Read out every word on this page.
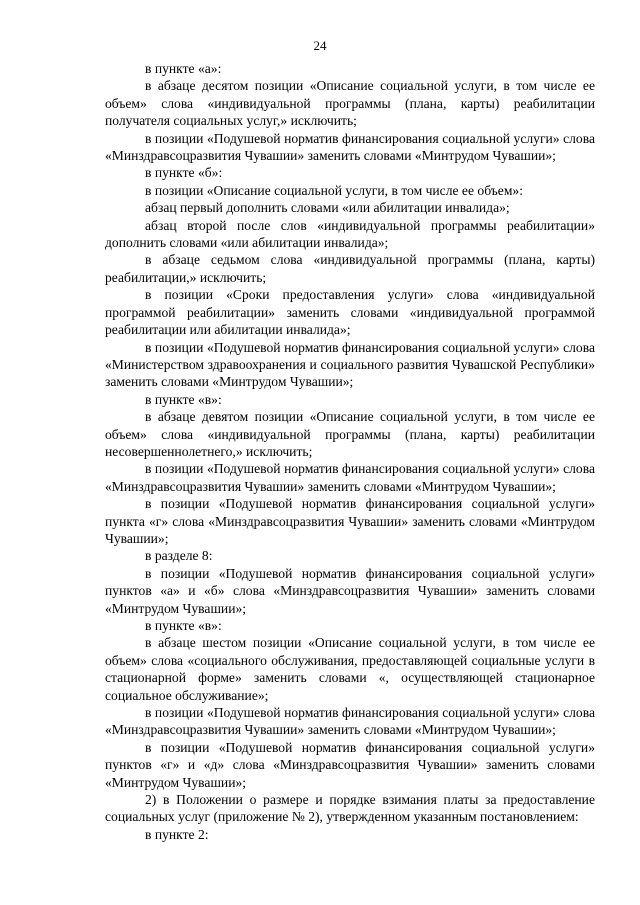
24

в пункте «а»:

в абзаце десятом позиции «Описание социальной услуги, в том числе ее объем» слова «индивидуальной программы (плана, карты) реабилитации получателя социальных услуг,» исключить;

в позиции «Подушевой норматив финансирования социальной услуги» слова «Минздравсоцразвития Чувашии» заменить словами «Минтрудом Чувашии»;

в пункте «б»:

в позиции «Описание социальной услуги, в том числе ее объем»:

абзац первый дополнить словами «или абилитации инвалида»;

абзац второй после слов «индивидуальной программы реабилитации» дополнить словами «или абилитации инвалида»;

в абзаце седьмом слова «индивидуальной программы (плана, карты) реабилитации,» исключить;

в позиции «Сроки предоставления услуги» слова «индивидуальной программой реабилитации» заменить словами «индивидуальной программой реабилитации или абилитации инвалида»;

в позиции «Подушевой норматив финансирования социальной услуги» слова «Министерством здравоохранения и социального развития Чувашской Республики» заменить словами «Минтрудом Чувашии»;

в пункте «в»:

в абзаце девятом позиции «Описание социальной услуги, в том числе ее объем» слова «индивидуальной программы (плана, карты) реабилитации несовершеннолетнего,» исключить;

в позиции «Подушевой норматив финансирования социальной услуги» слова «Минздравсоцразвития Чувашии» заменить словами «Минтрудом Чувашии»;

в позиции «Подушевой норматив финансирования социальной услуги» пункта «г» слова «Минздравсоцразвития Чувашии» заменить словами «Минтрудом Чувашии»;

в разделе 8:

в позиции «Подушевой норматив финансирования социальной услуги» пунктов «а» и «б» слова «Минздравсоцразвития Чувашии» заменить словами «Минтрудом Чувашии»;

в пункте «в»:

в абзаце шестом позиции «Описание социальной услуги, в том числе ее объем» слова «социального обслуживания, предоставляющей социальные услуги в стационарной форме» заменить словами «, осуществляющей стационарное социальное обслуживание»;

в позиции «Подушевой норматив финансирования социальной услуги» слова «Минздравсоцразвития Чувашии» заменить словами «Минтрудом Чувашии»;

в позиции «Подушевой норматив финансирования социальной услуги» пунктов «г» и «д» слова «Минздравсоцразвития Чувашии» заменить словами «Минтрудом Чувашии»;

2) в Положении о размере и порядке взимания платы за предоставление социальных услуг (приложение № 2), утвержденном указанным постановлением:

в пункте 2:
